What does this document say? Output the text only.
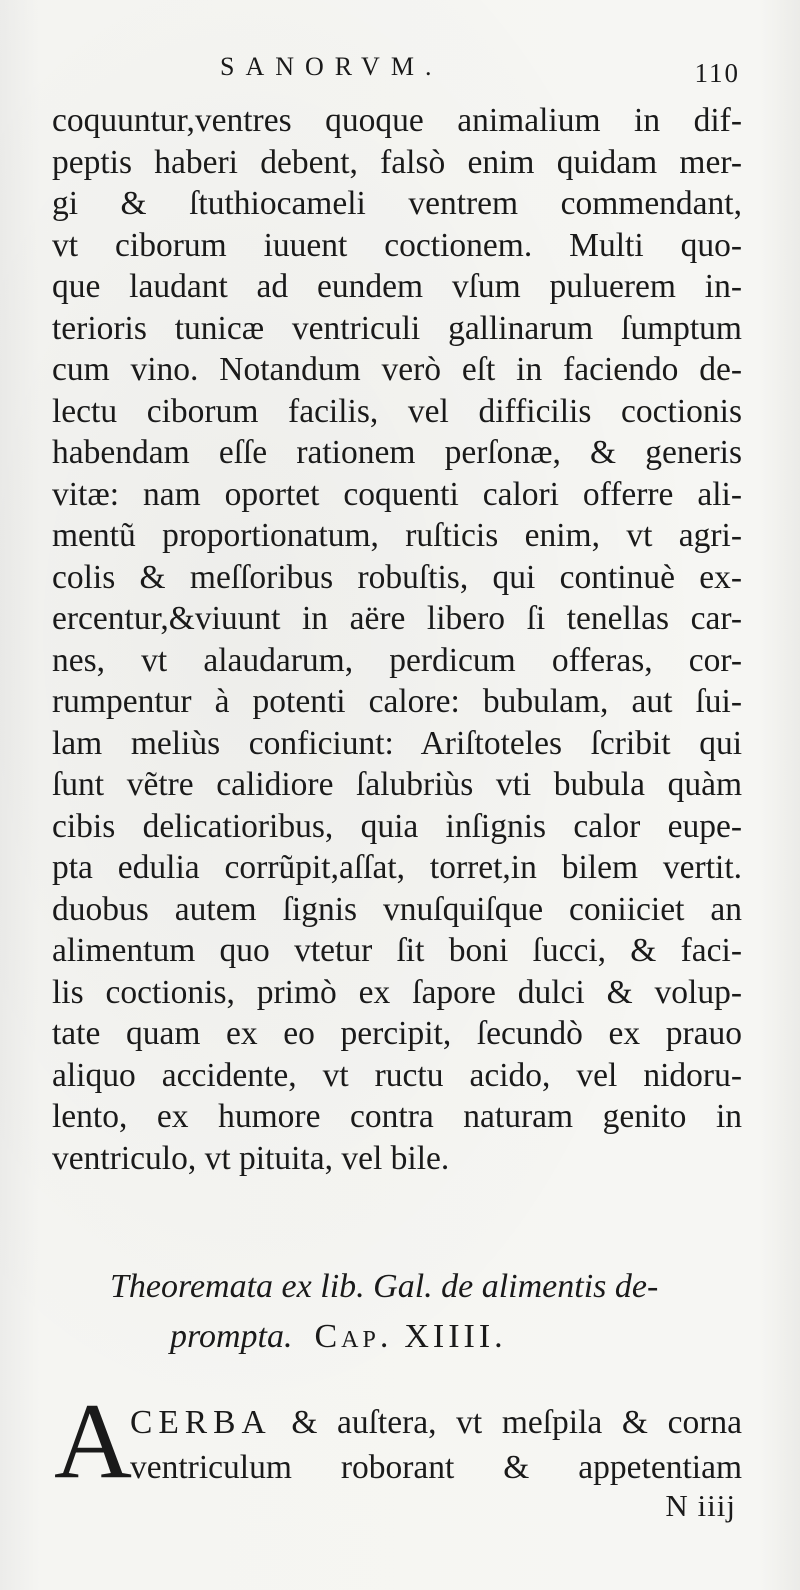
SANORVM.	110
coquuntur,ventres quoque animalium in dif-
peptis haberi debent, falsò enim quidam mer-
gi & ſtuthiocameli ventrem commendant,
vt ciborum iuuent coctionem. Multi quo-
que laudant ad eundem vſum puluerem in-
terioris tunicæ ventriculi gallinarum ſumptum
cum vino. Notandum verò eſt in faciendo de-
lectu ciborum facilis, vel difficilis coctionis
habendam eſſe rationem perſonæ, & generis
vitæ: nam oportet coquenti calori offerre ali-
mentũ proportionatum, ruſticis enim, vt agri-
colis & meſſoribus robuſtis, qui continuè ex-
ercentur,&viuunt in aëre libero ſi tenellas car-
nes, vt alaudarum, perdicum offeras, cor-
rumpentur à potenti calore: bubulam, aut ſui-
lam meliùs conficiunt: Ariſtoteles ſcribit qui
ſunt vẽtre calidiore ſalubriùs vti bubula quàm
cibis delicatioribus, quia inſignis calor eupe-
pta edulia corrũpit,aſſat, torret,in bilem vertit.
duobus autem ſignis vnuſquiſque coniiciet an
alimentum quo vtetur ſit boni ſucci, & faci-
lis coctionis, primò ex ſapore dulci & volup-
tate quam ex eo percipit, ſecundò ex prauo
aliquo accidente, vt ructu acido, vel nidoru-
lento, ex humore contra naturam genito in
ventriculo, vt pituita, vel bile.
Theoremata ex lib. Gal. de alimentis de-
prompta. Cap. XIIII.
A
CERBA & auſtera, vt meſpila & corna
ventriculum roborant & appetentiam
N iiij
